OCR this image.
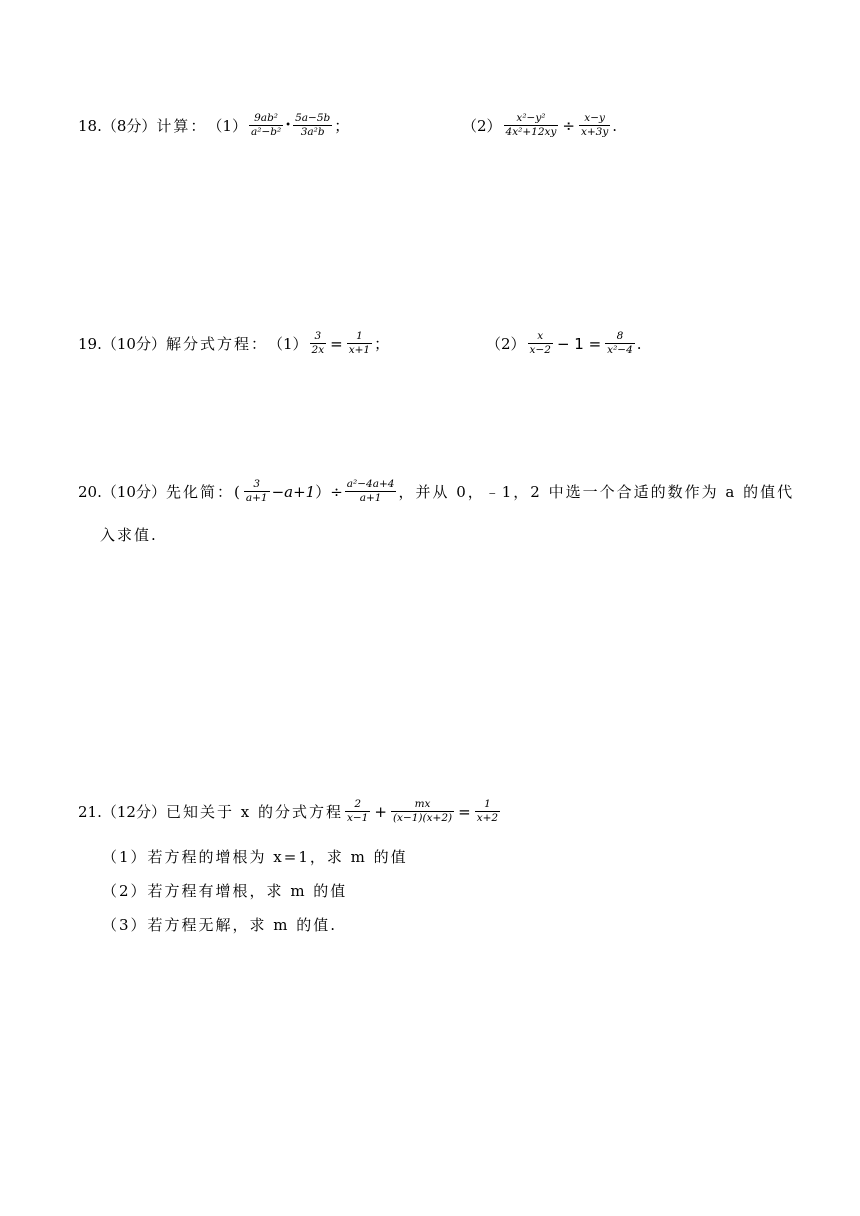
18. （8分） 计算： $(1) \frac{\text{9ab²}}{\text{a²−b²}}$ • $\frac{5a-5b}{\text{3a²b}}$ ；	$(2) \frac{\text{x²−y²}}{\text{4x²+12xy}} \div \frac{x-y}{x+3y}$ .
19. （10分） 解分式方程： $(1) \frac{3}{2x} = \frac{1}{x+1}$ ；	$(2) \frac{x}{x-2} - 1 = \frac{8}{\text{x²−4}}$ .
20. （10分） 先化简：( $\frac{3}{a+1} -a+1$ ）÷ $\frac{\text{a²−4a+4}}{a+1}$ ，并从 0，﹣1，2 中选一个合适的数作为 a 的值代
入求值.
21. （12分） 已知关于 x 的分式方程 $\frac{2}{x-1} + \frac{mx}{(x-1)(x+2)} = \frac{1}{x+2}$
（1）若方程的增根为 x=1，求 m 的值
（2）若方程有增根，求 m 的值
（3）若方程无解，求 m 的值.
